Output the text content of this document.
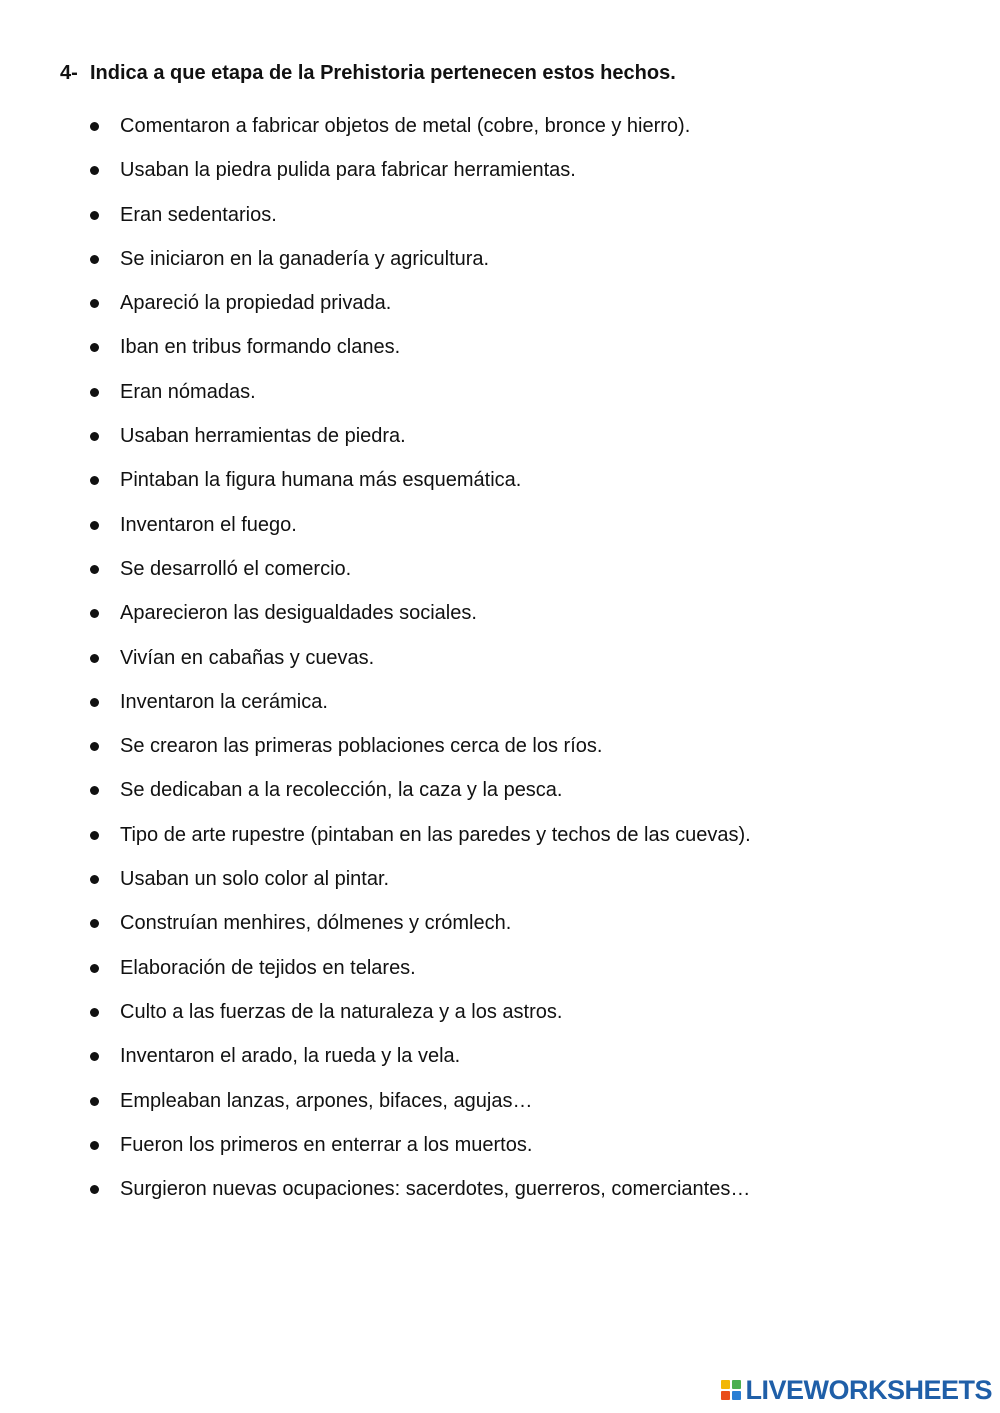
4- Indica a que etapa de la Prehistoria pertenecen estos hechos.
Comentaron a fabricar objetos de metal (cobre, bronce y hierro).
Usaban la piedra pulida para fabricar herramientas.
Eran sedentarios.
Se iniciaron en la ganadería y agricultura.
Apareció la propiedad privada.
Iban en tribus formando clanes.
Eran nómadas.
Usaban herramientas de piedra.
Pintaban la figura humana más esquemática.
Inventaron el fuego.
Se desarrolló el comercio.
Aparecieron las desigualdades sociales.
Vivían en cabañas y cuevas.
Inventaron la cerámica.
Se crearon las primeras poblaciones cerca de los ríos.
Se dedicaban a la recolección, la caza y la pesca.
Tipo de arte rupestre (pintaban en las paredes y techos de las cuevas).
Usaban un solo color al pintar.
Construían menhires, dólmenes y crómlech.
Elaboración de tejidos en telares.
Culto a las fuerzas de la naturaleza y a los astros.
Inventaron el arado, la rueda y la vela.
Empleaban lanzas, arpones, bifaces, agujas…
Fueron los primeros en enterrar a los muertos.
Surgieron nuevas ocupaciones: sacerdotes, guerreros, comerciantes…
LIVEWORKSHEETS
